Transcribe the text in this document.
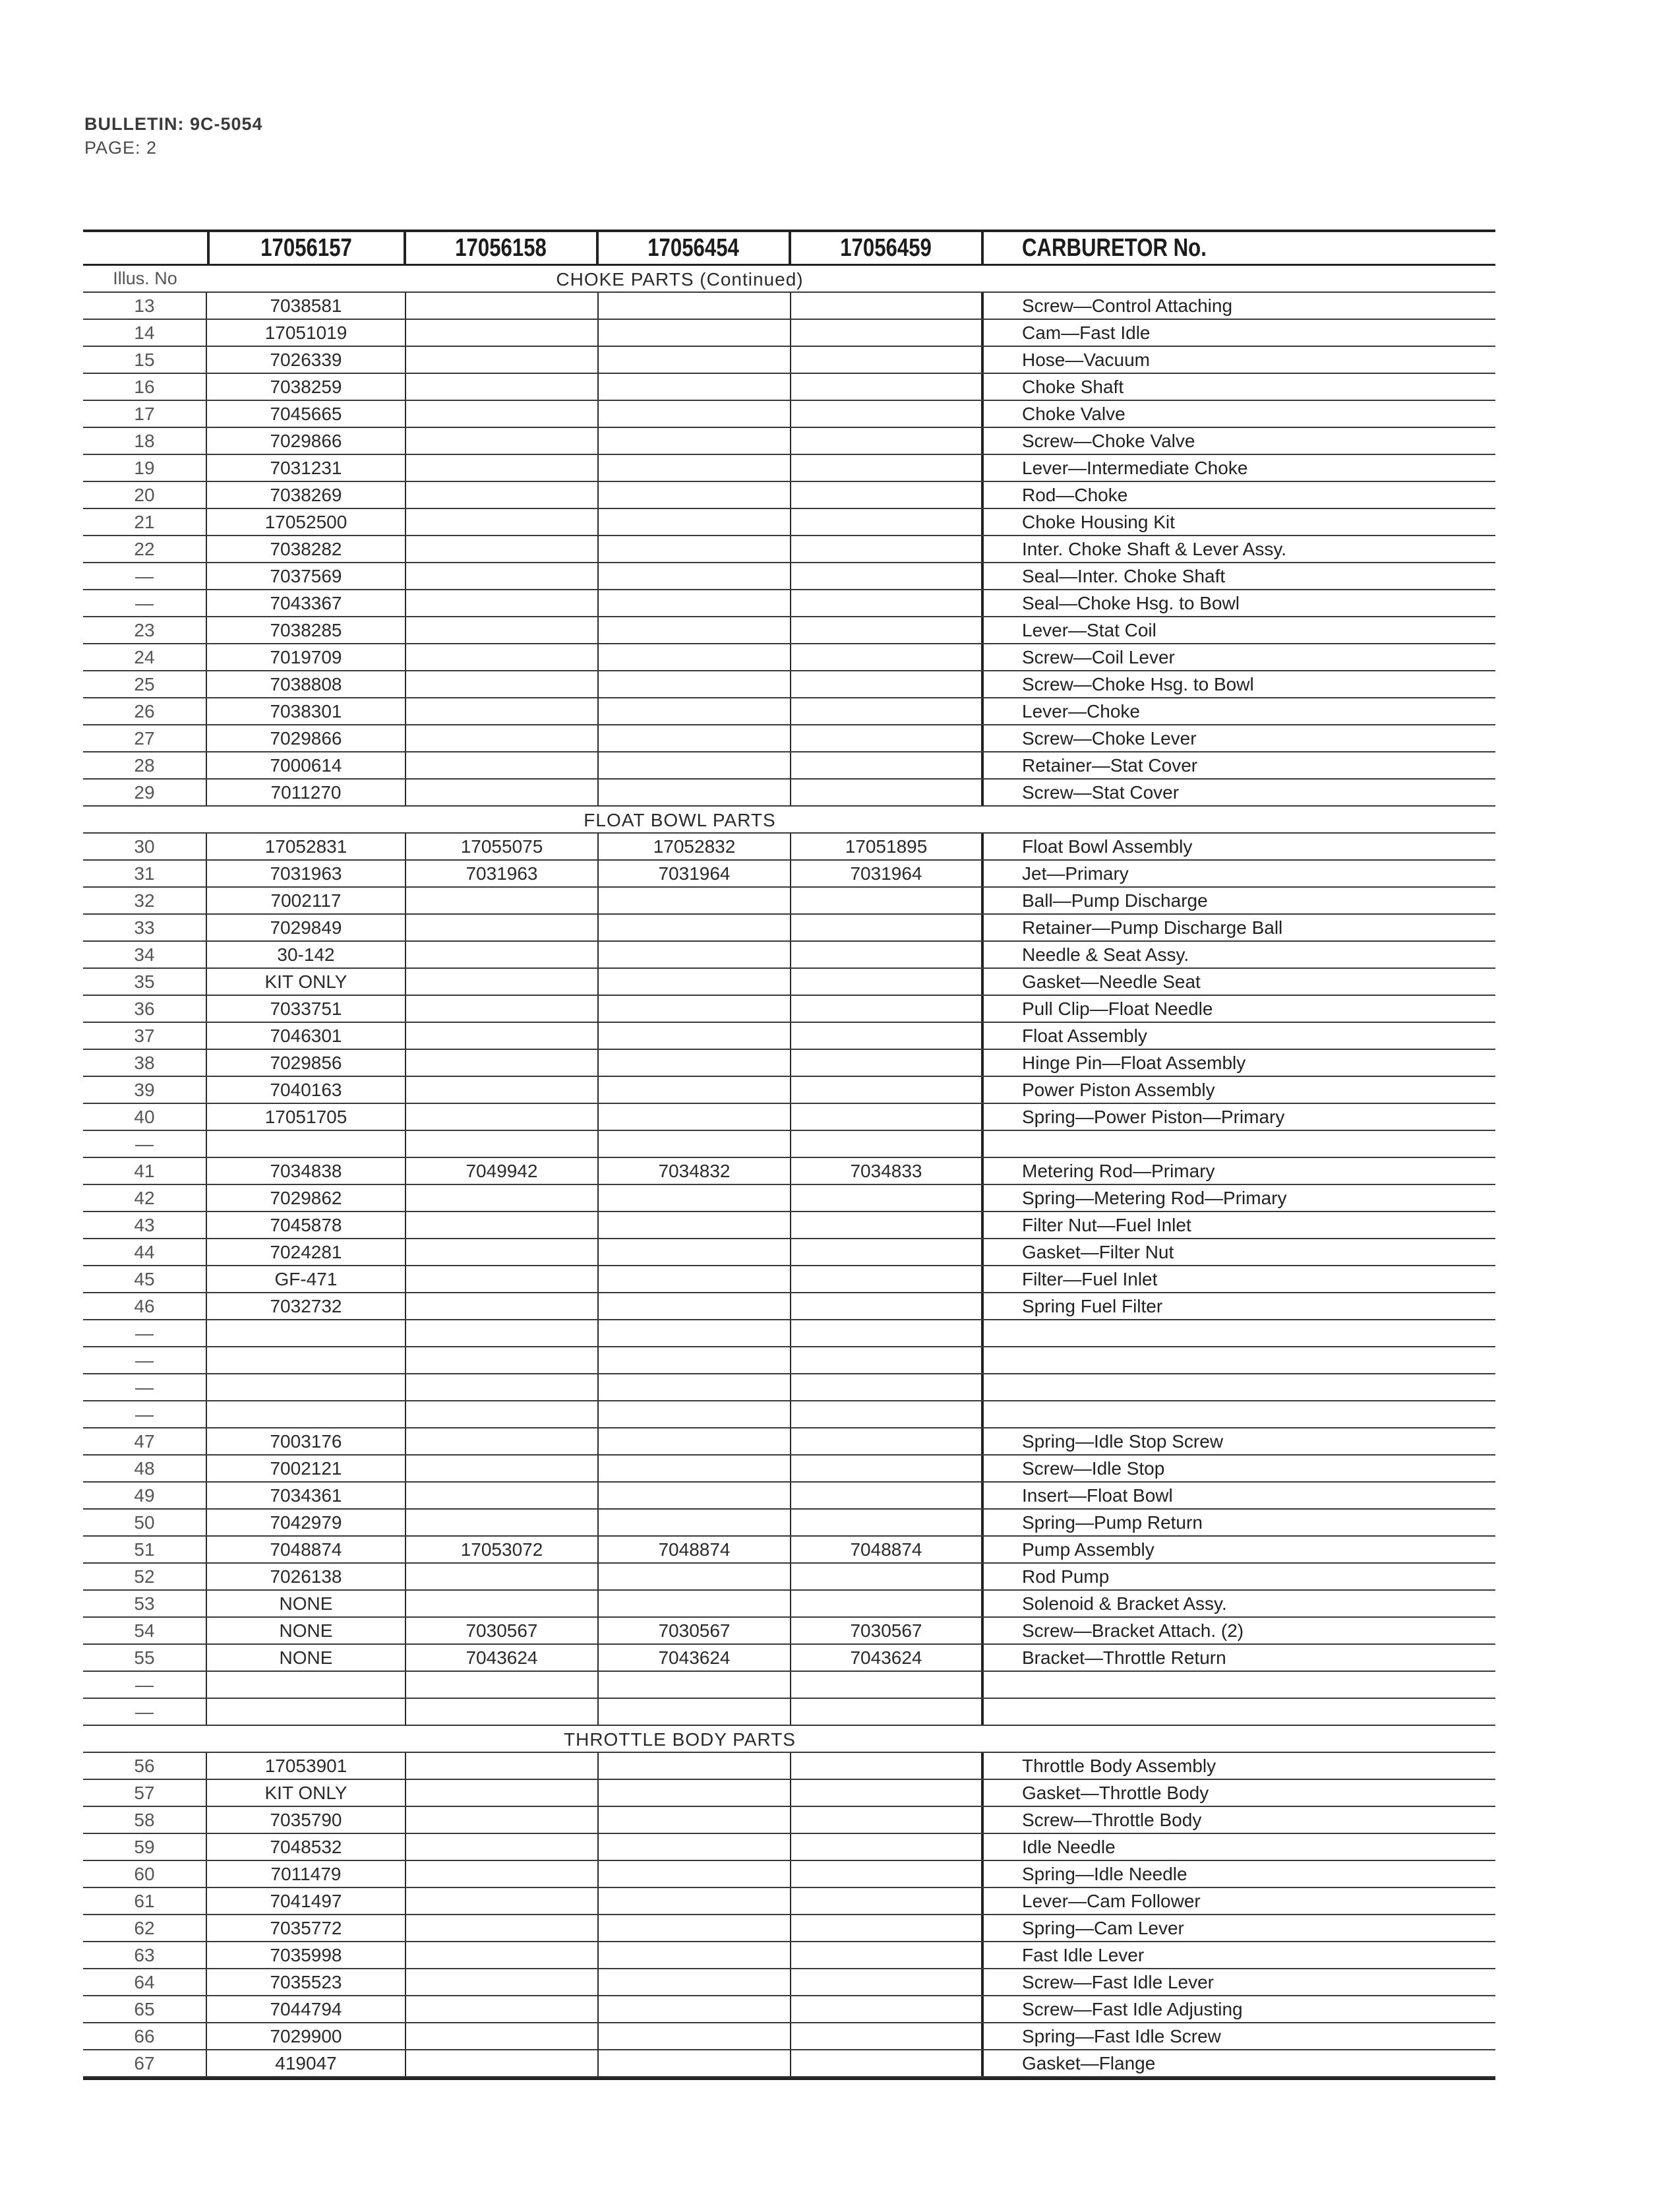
BULLETIN: 9C-5054
PAGE: 2
17056157	17056158	17056454	17056459	CARBURETOR No.
Illus. No	CHOKE PARTS (Continued)
13	7038581	Screw—Control Attaching
14	17051019	Cam—Fast Idle
15	7026339	Hose—Vacuum
16	7038259	Choke Shaft
17	7045665	Choke Valve
18	7029866	Screw—Choke Valve
19	7031231	Lever—Intermediate Choke
20	7038269	Rod—Choke
21	17052500	Choke Housing Kit
22	7038282	Inter. Choke Shaft & Lever Assy.
—	7037569	Seal—Inter. Choke Shaft
—	7043367	Seal—Choke Hsg. to Bowl
23	7038285	Lever—Stat Coil
24	7019709	Screw—Coil Lever
25	7038808	Screw—Choke Hsg. to Bowl
26	7038301	Lever—Choke
27	7029866	Screw—Choke Lever
28	7000614	Retainer—Stat Cover
29	7011270	Screw—Stat Cover
FLOAT BOWL PARTS
30	17052831	17055075	17052832	17051895	Float Bowl Assembly
31	7031963	7031963	7031964	7031964	Jet—Primary
32	7002117	Ball—Pump Discharge
33	7029849	Retainer—Pump Discharge Ball
34	30-142	Needle & Seat Assy.
35	KIT ONLY	Gasket—Needle Seat
36	7033751	Pull Clip—Float Needle
37	7046301	Float Assembly
38	7029856	Hinge Pin—Float Assembly
39	7040163	Power Piston Assembly
40	17051705	Spring—Power Piston—Primary
—
41	7034838	7049942	7034832	7034833	Metering Rod—Primary
42	7029862	Spring—Metering Rod—Primary
43	7045878	Filter Nut—Fuel Inlet
44	7024281	Gasket—Filter Nut
45	GF-471	Filter—Fuel Inlet
46	7032732	Spring Fuel Filter
—
—
—
—
47	7003176	Spring—Idle Stop Screw
48	7002121	Screw—Idle Stop
49	7034361	Insert—Float Bowl
50	7042979	Spring—Pump Return
51	7048874	17053072	7048874	7048874	Pump Assembly
52	7026138	Rod Pump
53	NONE	Solenoid & Bracket Assy.
54	NONE	7030567	7030567	7030567	Screw—Bracket Attach. (2)
55	NONE	7043624	7043624	7043624	Bracket—Throttle Return
—
—
THROTTLE BODY PARTS
56	17053901	Throttle Body Assembly
57	KIT ONLY	Gasket—Throttle Body
58	7035790	Screw—Throttle Body
59	7048532	Idle Needle
60	7011479	Spring—Idle Needle
61	7041497	Lever—Cam Follower
62	7035772	Spring—Cam Lever
63	7035998	Fast Idle Lever
64	7035523	Screw—Fast Idle Lever
65	7044794	Screw—Fast Idle Adjusting
66	7029900	Spring—Fast Idle Screw
67	419047	Gasket—Flange
